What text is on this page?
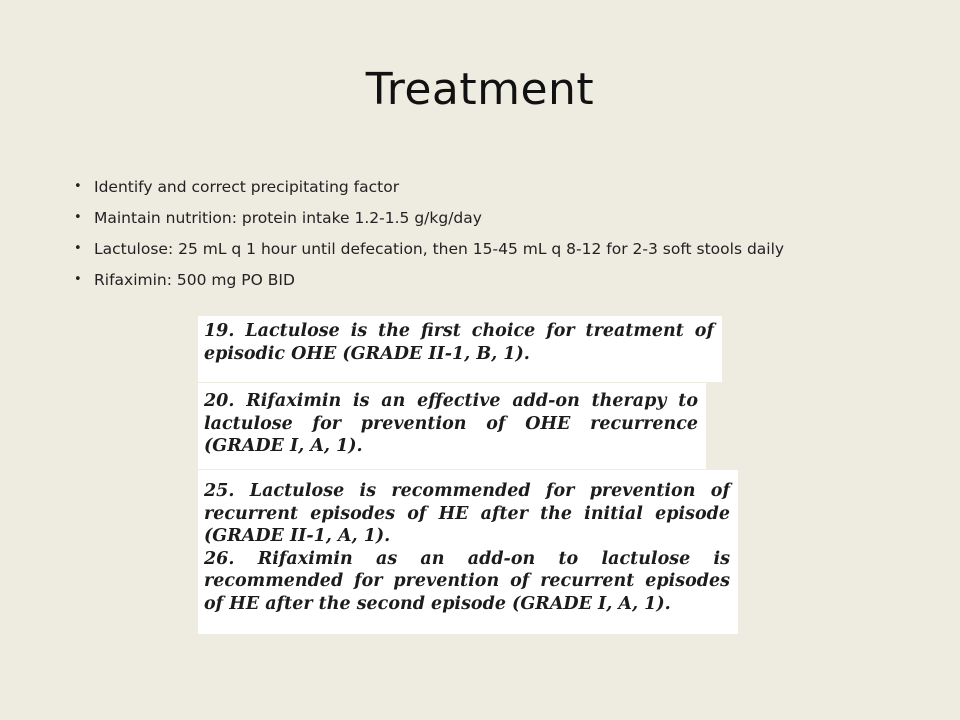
Treatment
• Identify and correct precipitating factor
• Maintain nutrition: protein intake 1.2-1.5 g/kg/day
• Lactulose: 25 mL q 1 hour until defecation, then 15-45 mL q 8-12 for 2-3 soft stools daily
• Rifaximin: 500 mg PO BID

19. Lactulose is the first choice for treatment of episodic OHE (GRADE II-1, B, 1).

20. Rifaximin is an effective add-on therapy to lactulose for prevention of OHE recurrence (GRADE I, A, 1).

25. Lactulose is recommended for prevention of recurrent episodes of HE after the initial episode (GRADE II-1, A, 1).

26. Rifaximin as an add-on to lactulose is recommended for prevention of recurrent episodes of HE after the second episode (GRADE I, A, 1).
